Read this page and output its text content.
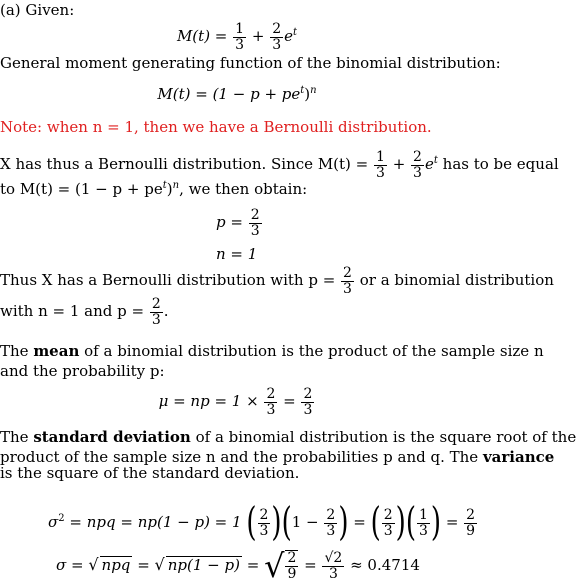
(a) Given:
$M(t) = \frac{1}{3} + \frac{2}{3} e^t$
General moment generating function of the binomial distribution:
$M(t) = (1 - p + pe^t)^n$
Note: when n = 1, then we have a Bernoulli distribution.
X has thus a Bernoulli distribution. Since $M(t) = \frac{1}{3} + \frac{2}{3} e^t$ has to be equal
to $M(t) = (1 - p + pe^t)^n$, we then obtain:
$p = \frac{2}{3}$
n = 1
Thus X has a Bernoulli distribution with $p = \frac{2}{3}$ or a binomial distribution
with n = 1 and $p = \frac{2}{3}$ .
The mean of a binomial distribution is the product of the sample size n
and the probability p:
μ = np = $1 \times \frac{2}{3} = \frac{2}{3}$
The standard deviation of a binomial distribution is the square root of the
product of the sample size n and the probabilities p and q. The variance
is the square of the standard deviation.
$\sigma^2$ = npq = np(1 − p) = 1 ( $\frac{2}{3} )(1 - \frac{2}{3}$ ) = ( $\frac{2}{3}$ )( $\frac{1}{3}$ ) = $\frac{2}{9}$
σ = √ npq = √ np(1 − p) = √ $\frac{2}{9} = \frac{√2}{3} \approx 0.4714$
